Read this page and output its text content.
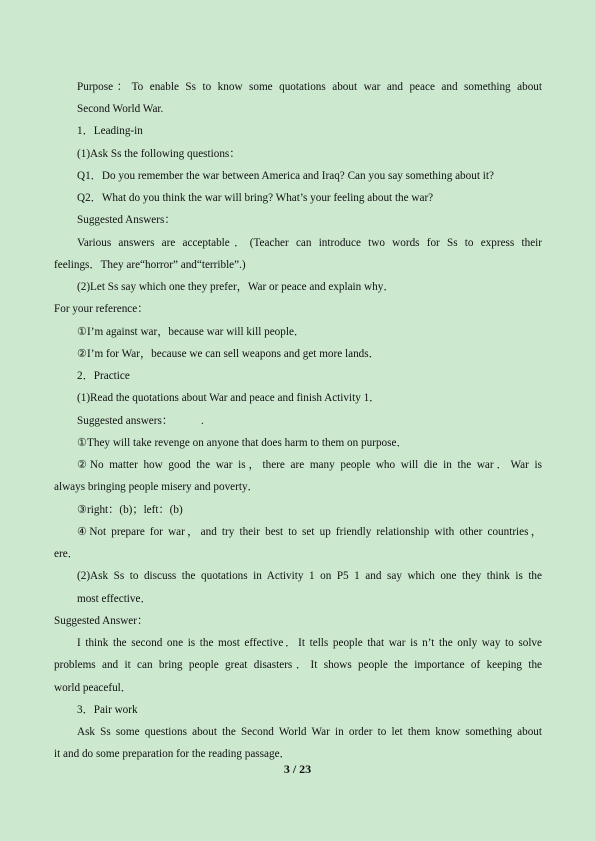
Purpose：To enable Ss to know some quotations about war and peace and something about
Second World War.
1．Leading-in
(1)Ask Ss the following questions：
Q1．Do you remember the war between America and Iraq? Can you say something about it?
Q2．What do you think the war will bring? What’s your feeling about the war?
Suggested Answers：
Various answers are acceptable．(Teacher can introduce two words for Ss to express their
feelings．They are“horror” and“terrible”.)
(2)Let Ss say which one they prefer，War or peace and explain why．
For your reference：
①I’m against war，because war will kill people．
②I’m for War，because we can sell weapons and get more lands．
2．Practice
(1)Read the quotations about War and peace and finish Activity 1．
Suggested answers：　　　.
①They will take revenge on anyone that does harm to them on purpose．
②No matter how good the war is，there are many people who will die in the war．War is
always bringing people misery and poverty．
③right：(b)；left：(b)
④Not prepare for war，and try their best to set up friendly relationship with other countries，
ere．
(2)Ask Ss to discuss the quotations in Activity 1 on P5 1 and say which one they think is the
most effective．
Suggested Answer：
I think the second one is the most effective．It tells people that war is n’t the only way to solve
problems and it can bring people great disasters．It shows people the importance of keeping the
world peaceful．
3．Pair work
Ask Ss some questions about the Second World War in order to let them know something about
it and do some preparation for the reading passage．
3 / 23
